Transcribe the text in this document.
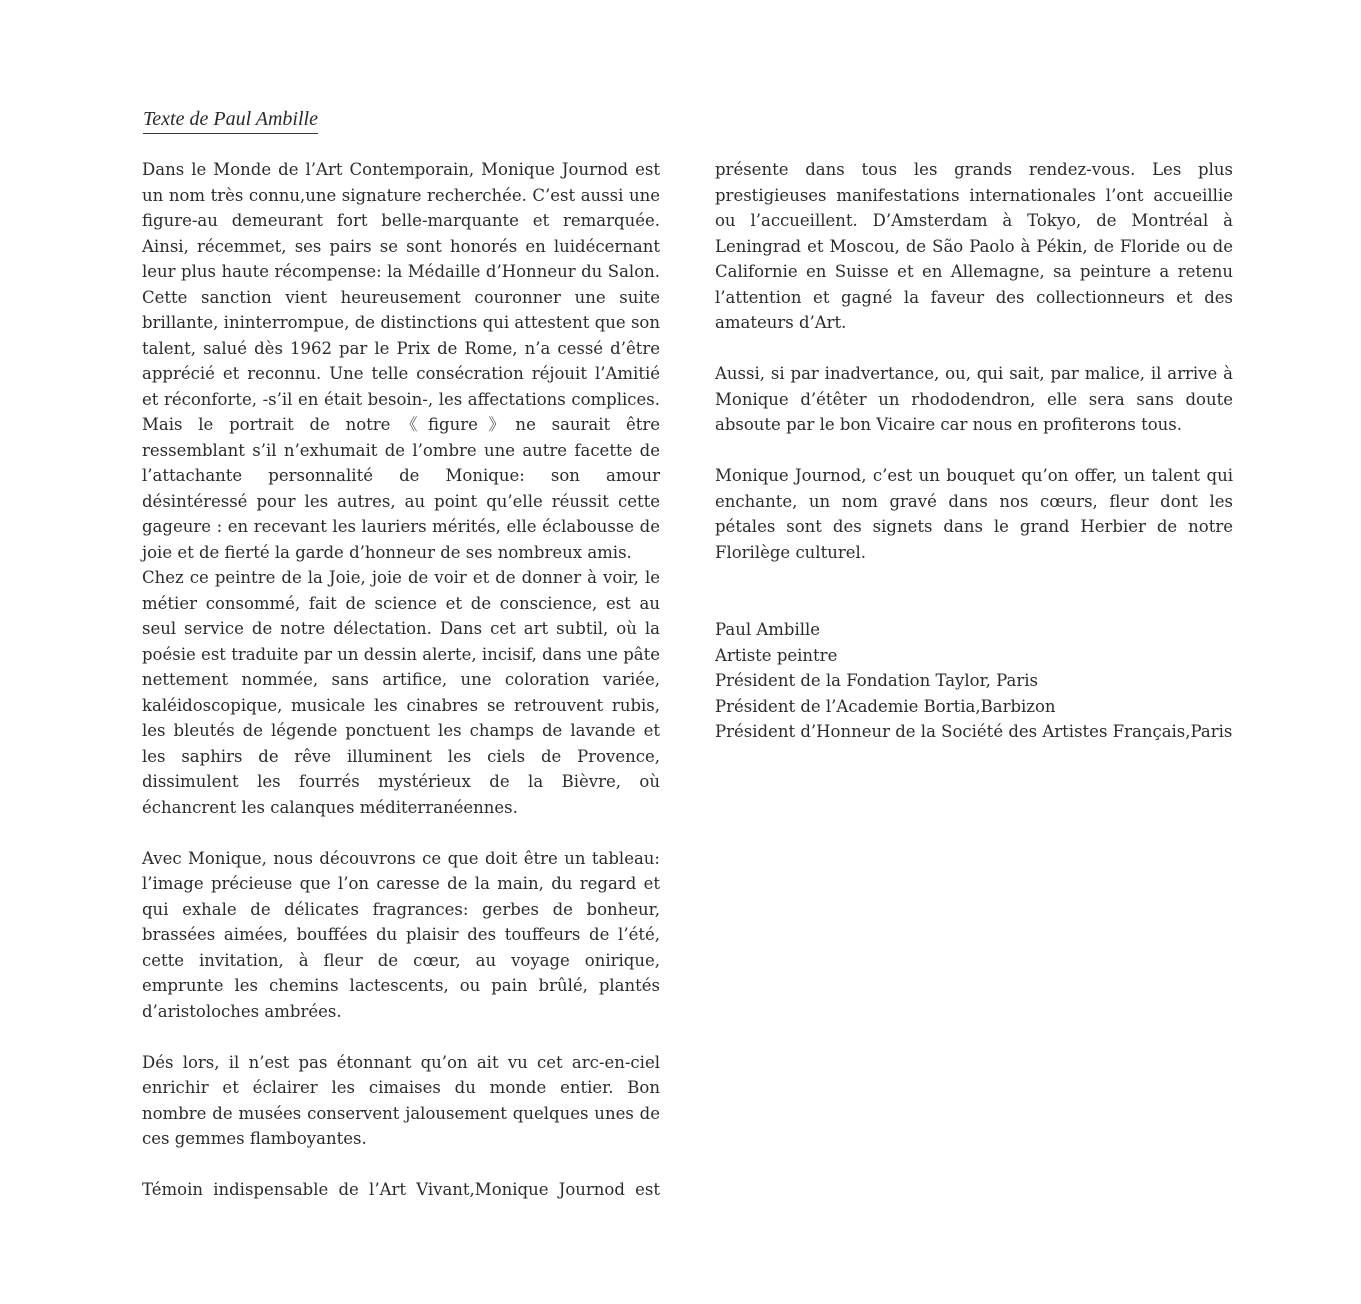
Texte de Paul Ambille

Dans le Monde de l’Art Contemporain, Monique Journod est un nom très connu,une signature recherchée. C’est aussi une figure-au demeurant fort belle-marquante et remarquée. Ainsi, récemmet, ses pairs se sont honorés en luidécernant leur plus haute récompense: la Médaille d’Honneur du Salon. Cette sanction vient heureusement couronner une suite brillante, ininterrompue, de distinctions qui attestent que son talent, salué dès 1962 par le Prix de Rome, n’a cessé d’être apprécié et reconnu. Une telle consécration réjouit l’Amitié et réconforte, -s’il en était besoin-, les affectations complices. Mais le portrait de notre《figure》ne saurait être ressemblant s’il n’exhumait de l’ombre une autre facette de l’attachante personnalité de Monique: son amour désintéressé pour les autres, au point qu’elle réussit cette gageure : en recevant les lauriers mérités, elle éclabousse de joie et de fierté la garde d’honneur de ses nombreux amis.

Chez ce peintre de la Joie, joie de voir et de donner à voir, le métier consommé, fait de science et de conscience, est au seul service de notre délectation. Dans cet art subtil, où la poésie est traduite par un dessin alerte, incisif, dans une pâte nettement nommée, sans artifice, une coloration variée, kaléidoscopique, musicale les cinabres se retrouvent rubis, les bleutés de légende ponctuent les champs de lavande et les saphirs de rêve illuminent les ciels de Provence, dissimulent les fourrés mystérieux de la Bièvre, où échancrent les calanques méditerranéennes.

Avec Monique, nous découvrons ce que doit être un tableau: l’image précieuse que l’on caresse de la main, du regard et qui exhale de délicates fragrances: gerbes de bonheur, brassées aimées, bouffées du plaisir des touffeurs de l’été, cette invitation, à fleur de cœur, au voyage onirique, emprunte les chemins lactescents, ou pain brûlé, plantés d’aristoloches ambrées.

Dés lors, il n’est pas étonnant qu’on ait vu cet arc-en-ciel enrichir et éclairer les cimaises du monde entier. Bon nombre de musées conservent jalousement quelques unes de ces gemmes flamboyantes.

Témoin indispensable de l’Art Vivant,Monique Journod est

présente dans tous les grands rendez-vous. Les plus prestigieuses manifestations internationales l’ont accueillie ou l’accueillent. D’Amsterdam à Tokyo, de Montréal à Leningrad et Moscou, de São Paolo à Pékin, de Floride ou de Californie en Suisse et en Allemagne, sa peinture a retenu l’attention et gagné la faveur des collectionneurs et des amateurs d’Art.

Aussi, si par inadvertance, ou, qui sait, par malice, il arrive à Monique d’étêter un rhododendron, elle sera sans doute absoute par le bon Vicaire car nous en profiterons tous.

Monique Journod, c’est un bouquet qu’on offer, un talent qui enchante, un nom gravé dans nos cœurs, fleur dont les pétales sont des signets dans le grand Herbier de notre Florilège culturel.

Paul Ambille
Artiste peintre
Président de la Fondation Taylor, Paris
Président de l’Academie Bortia,Barbizon
Président d’Honneur de la Société des Artistes Français,Paris
